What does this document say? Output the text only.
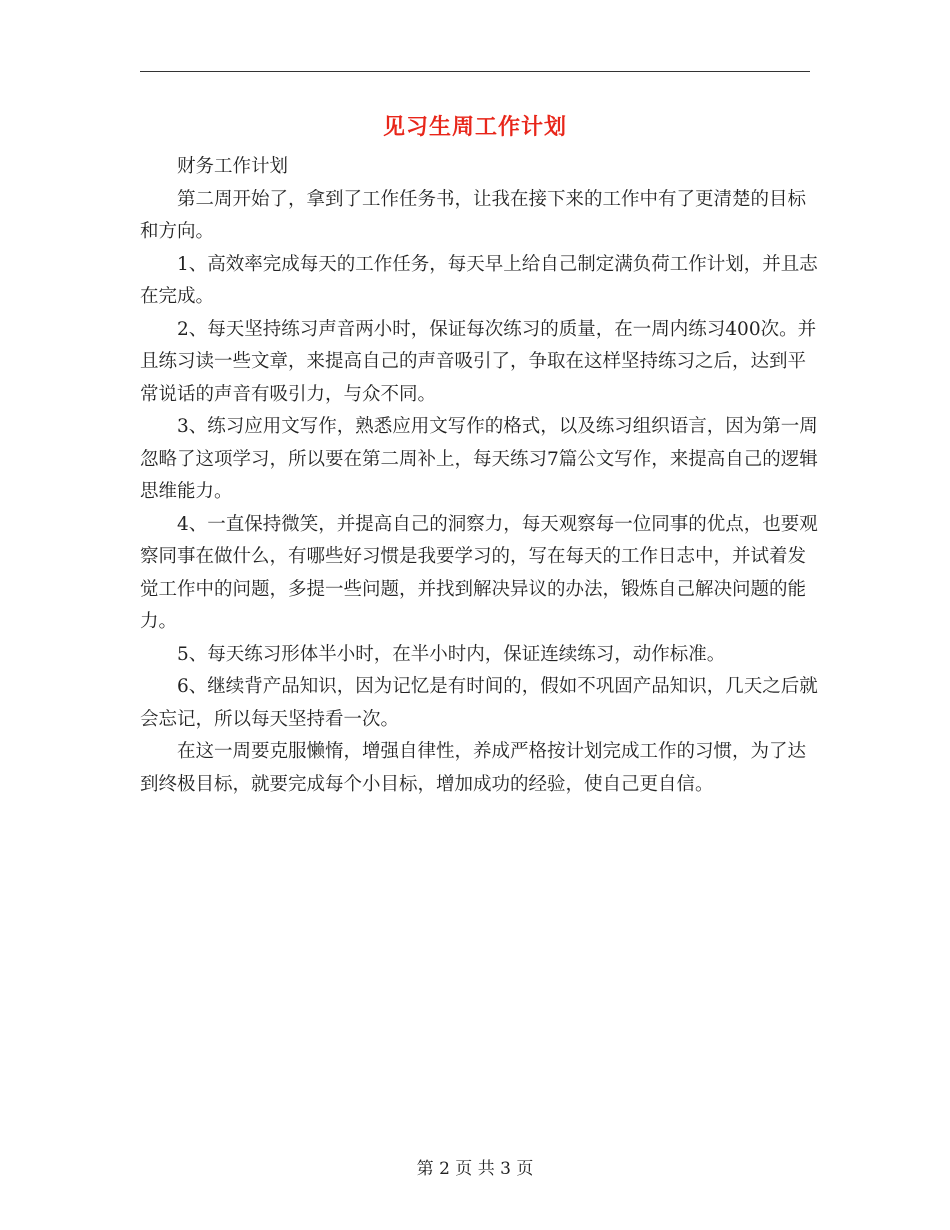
见习生周工作计划

财务工作计划

第二周开始了，拿到了工作任务书，让我在接下来的工作中有了更清楚的目标和方向。

1、高效率完成每天的工作任务，每天早上给自己制定满负荷工作计划，并且志在完成。

2、每天坚持练习声音两小时，保证每次练习的质量，在一周内练习400次。并且练习读一些文章，来提高自己的声音吸引了，争取在这样坚持练习之后，达到平常说话的声音有吸引力，与众不同。

3、练习应用文写作，熟悉应用文写作的格式，以及练习组织语言，因为第一周忽略了这项学习，所以要在第二周补上，每天练习7篇公文写作，来提高自己的逻辑思维能力。

4、一直保持微笑，并提高自己的洞察力，每天观察每一位同事的优点，也要观察同事在做什么，有哪些好习惯是我要学习的，写在每天的工作日志中，并试着发觉工作中的问题，多提一些问题，并找到解决异议的办法，锻炼自己解决问题的能力。

5、每天练习形体半小时，在半小时内，保证连续练习，动作标准。

6、继续背产品知识，因为记忆是有时间的，假如不巩固产品知识，几天之后就会忘记，所以每天坚持看一次。

在这一周要克服懒惰，增强自律性，养成严格按计划完成工作的习惯，为了达到终极目标，就要完成每个小目标，增加成功的经验，使自己更自信。

第 2 页 共 3 页
